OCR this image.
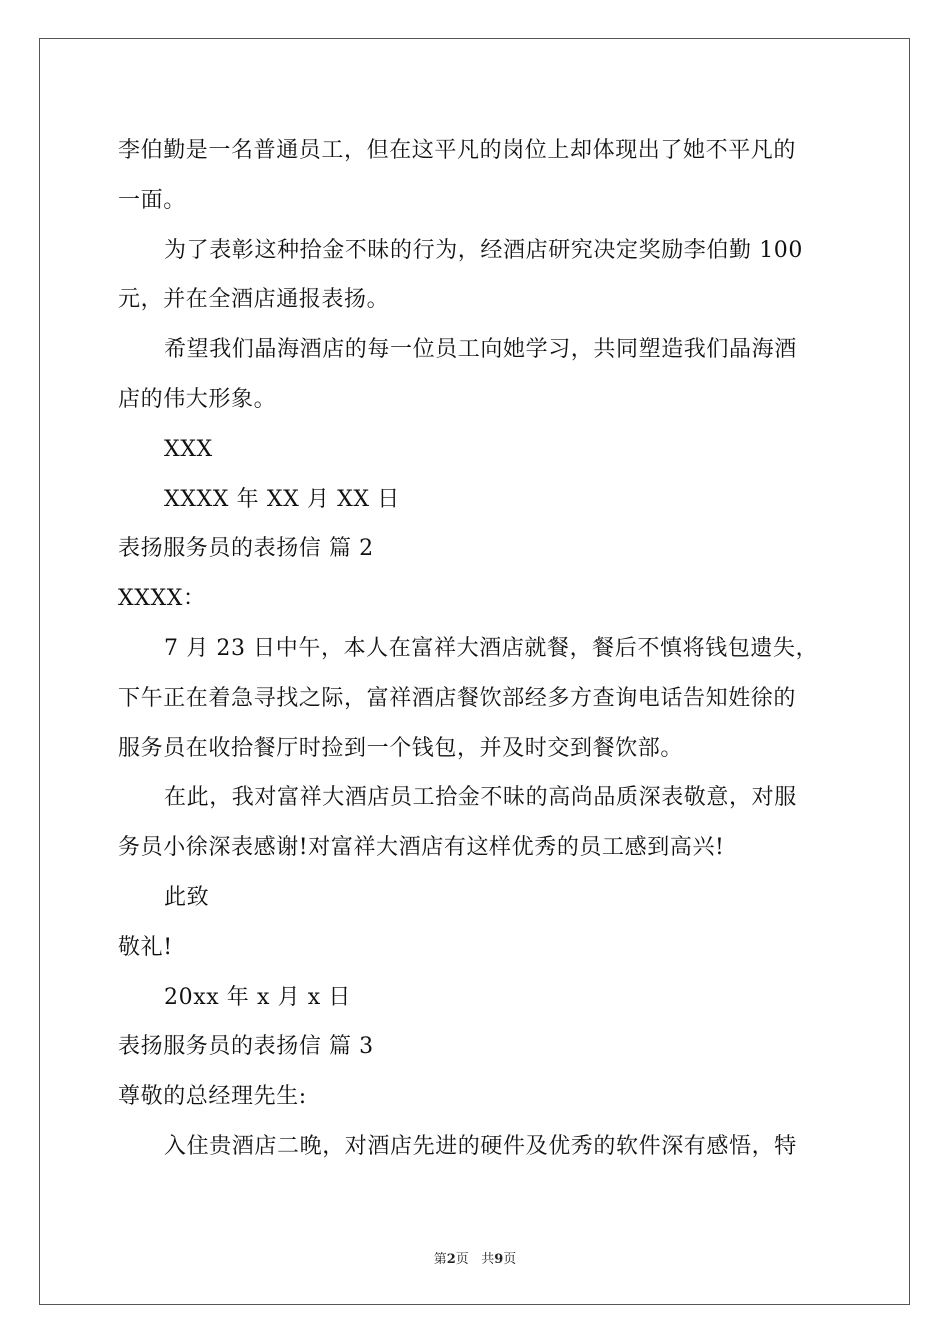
李伯勤是一名普通员工，但在这平凡的岗位上却体现出了她不平凡的
一面。
为了表彰这种拾金不昧的行为，经酒店研究决定奖励李伯勤 100
元，并在全酒店通报表扬。
希望我们晶海酒店的每一位员工向她学习，共同塑造我们晶海酒
店的伟大形象。
XXX
XXXX 年 XX 月 XX 日
表扬服务员的表扬信 篇 2
XXXX：
7 月 23 日中午，本人在富祥大酒店就餐，餐后不慎将钱包遗失，
下午正在着急寻找之际，富祥酒店餐饮部经多方查询电话告知姓徐的
服务员在收拾餐厅时捡到一个钱包，并及时交到餐饮部。
在此，我对富祥大酒店员工拾金不昧的高尚品质深表敬意，对服
务员小徐深表感谢!对富祥大酒店有这样优秀的员工感到高兴!
此致
敬礼!
20xx 年 x 月 x 日
表扬服务员的表扬信 篇 3
尊敬的总经理先生:
入住贵酒店二晚，对酒店先进的硬件及优秀的软件深有感悟，特
第2页 共9页
